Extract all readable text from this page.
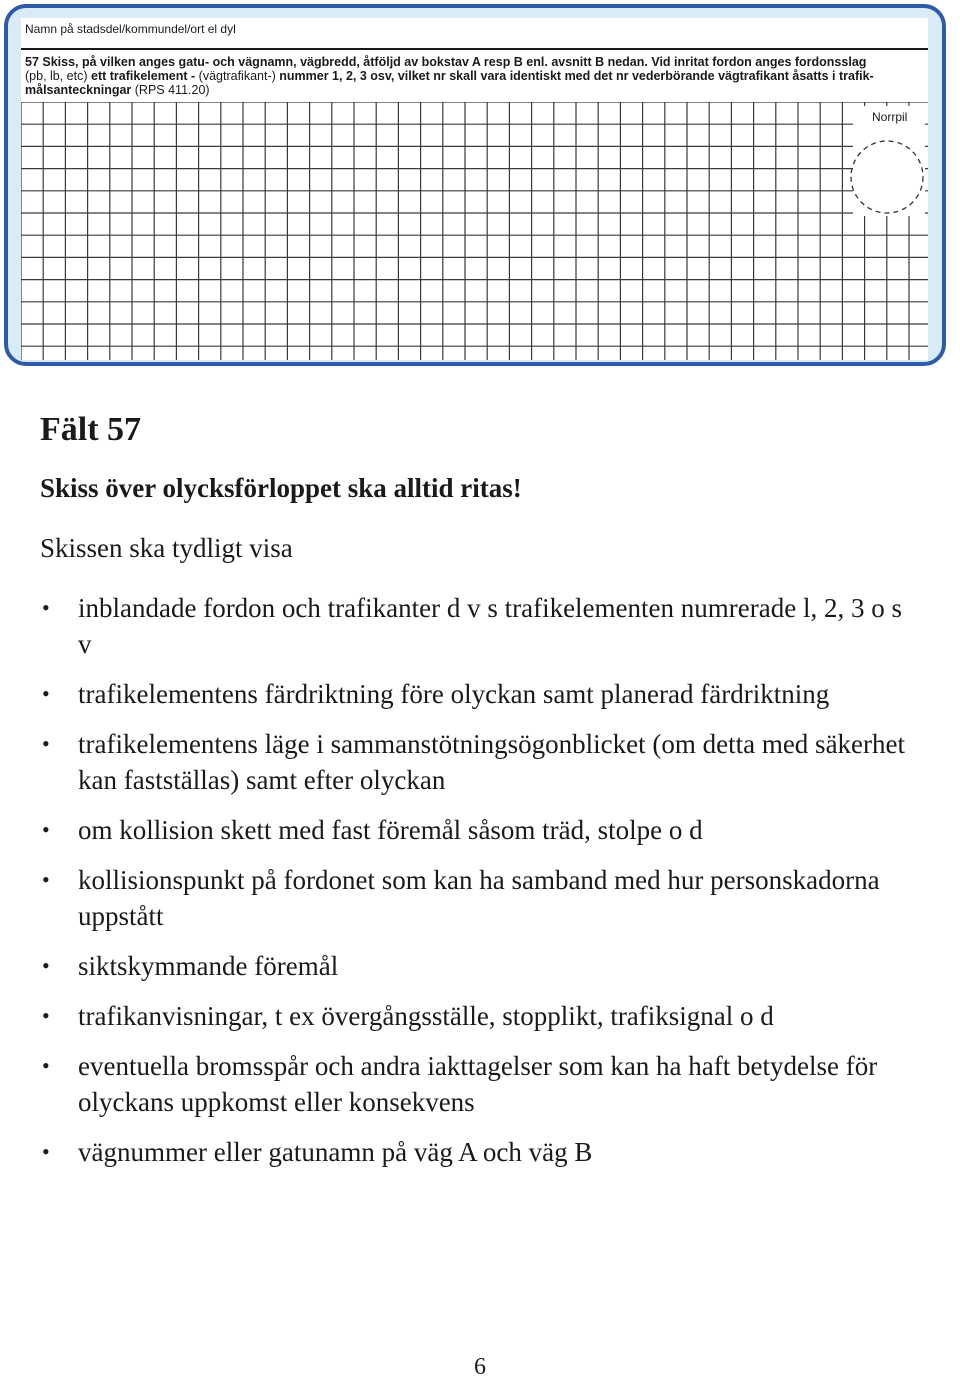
Namn på stadsdel/kommundel/ort el dyl
57 Skiss, på vilken anges gatu- och vägnamn, vägbredd, åtföljd av bokstav A resp B enl. avsnitt B nedan. Vid inritat fordon anges fordonsslag
(pb, lb, etc) ett trafikelement - (vägtrafikant-) nummer 1, 2, 3 osv, vilket nr skall vara identiskt med det nr vederbörande vägtrafikant åsatts i trafik-
målsanteckningar (RPS 411.20)
Norrpil
Fält 57
Skiss över olycksförloppet ska alltid ritas!
Skissen ska tydligt visa
• inblandade fordon och trafikanter d v s trafikelementen numrerade l, 2, 3 o s v
• trafikelementens färdriktning före olyckan samt planerad färdriktning
• trafikelementens läge i sammanstötningsögonblicket (om detta med säkerhet kan fastställas) samt efter olyckan
• om kollision skett med fast föremål såsom träd, stolpe o d
• kollisionspunkt på fordonet som kan ha samband med hur personskadorna uppstått
• siktskymmande föremål
• trafikanvisningar, t ex övergångsställe, stopplikt, trafiksignal o d
• eventuella bromsspår och andra iakttagelser som kan ha haft betydelse för olyckans uppkomst eller konsekvens
• vägnummer eller gatunamn på väg A och väg B
6
